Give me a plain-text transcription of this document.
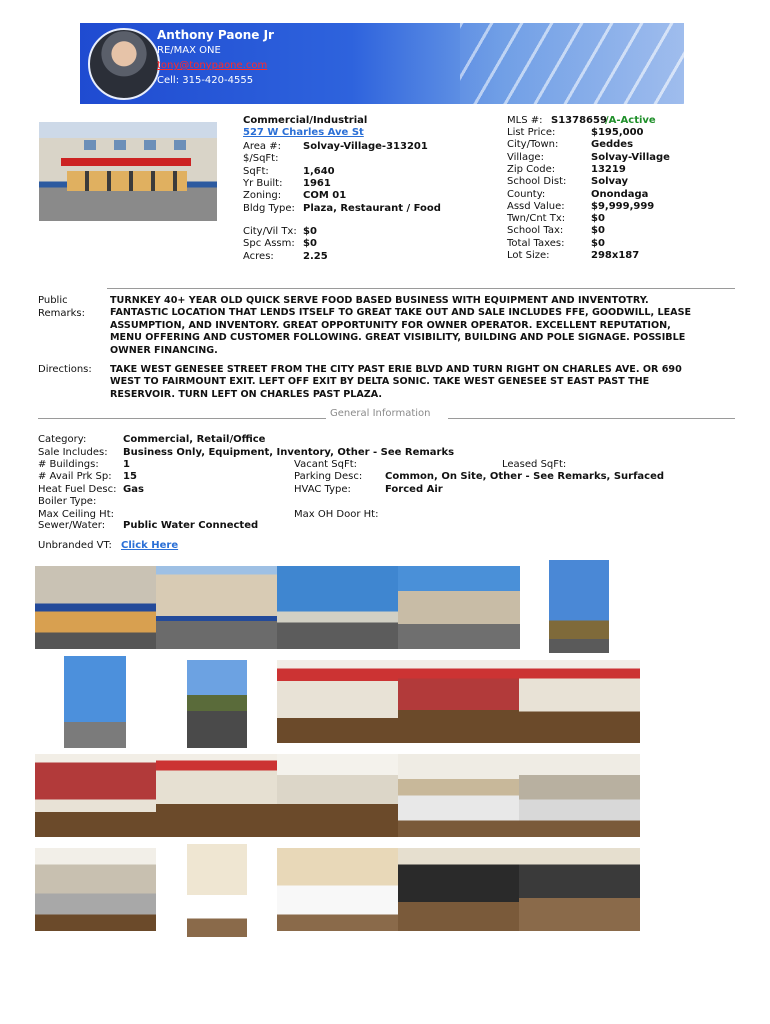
Anthony Paone Jr
RE/MAX ONE
tony@tonypaone.com
Cell: 315-420-4555
Commercial/Industrial
527 W Charles Ave St
Area #: Solvay-Village-313201
$/SqFt:
SqFt:	1,640
Yr Built: 1961
Zoning: COM 01
Bldg Type: Plaza, Restaurant / Food
City/Vil Tx: $0
Spc Assm: $0
Acres:	2.25
MLS #: S1378659
/A-Active
List Price:	$195,000
City/Town:	Geddes
Village:	Solvay-Village
Zip Code:	13219
School Dist: Solvay
County:	Onondaga
Assd Value:	$9,999,999
Twn/Cnt Tx:	$0
School Tax:	$0
Total Taxes:	$0
Lot Size:	298x187
Public
Remarks:
TURNKEY 40+ YEAR OLD QUICK SERVE FOOD BASED BUSINESS WITH EQUIPMENT AND INVENTOTRY.
FANTASTIC LOCATION THAT LENDS ITSELF TO GREAT TAKE OUT AND SALE INCLUDES FFE, GOODWILL, LEASE
ASSUMPTION, AND INVENTORY. GREAT OPPORTUNITY FOR OWNER OPERATOR. EXCELLENT REPUTATION,
MENU OFFERING AND CUSTOMER FOLLOWING. GREAT VISIBILITY, BUILDING AND POLE SIGNAGE. POSSIBLE
OWNER FINANCING.
Directions: TAKE WEST GENESEE STREET FROM THE CITY PAST ERIE BLVD AND TURN RIGHT ON CHARLES AVE. OR 690
WEST TO FAIRMOUNT EXIT. LEFT OFF EXIT BY DELTA SONIC. TAKE WEST GENESEE ST EAST PAST THE
RESERVOIR. TURN LEFT ON CHARLES PAST PLAZA.
General Information
Category:	Commercial, Retail/Office
Sale Includes: Business Only, Equipment, Inventory, Other - See Remarks
# Buildings: 1	Vacant SqFt:	Leased SqFt:
# Avail Prk Sp: 15	Parking Desc: Common, On Site, Other - See Remarks, Surfaced
Heat Fuel Desc: Gas	HVAC Type:	Forced Air
Boiler Type:
Max Ceiling Ht:	Max OH Door Ht:
Sewer/Water: Public Water Connected
Unbranded VT: Click Here
